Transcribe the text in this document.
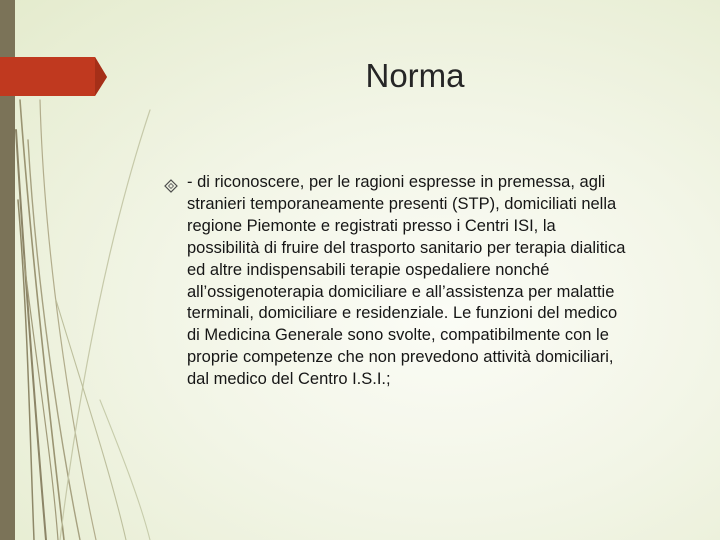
Norma
- di riconoscere, per le ragioni espresse in premessa, agli
stranieri temporaneamente presenti (STP), domiciliati nella
regione Piemonte e registrati presso i Centri ISI, la
possibilità di fruire del trasporto sanitario per terapia dialitica
ed altre indispensabili terapie ospedaliere nonché
all’ossigenoterapia domiciliare e all’assistenza per malattie
terminali, domiciliare e residenziale. Le funzioni del medico
di Medicina Generale sono svolte, compatibilmente con le
proprie competenze che non prevedono attività domiciliari,
dal medico del Centro I.S.I.;
